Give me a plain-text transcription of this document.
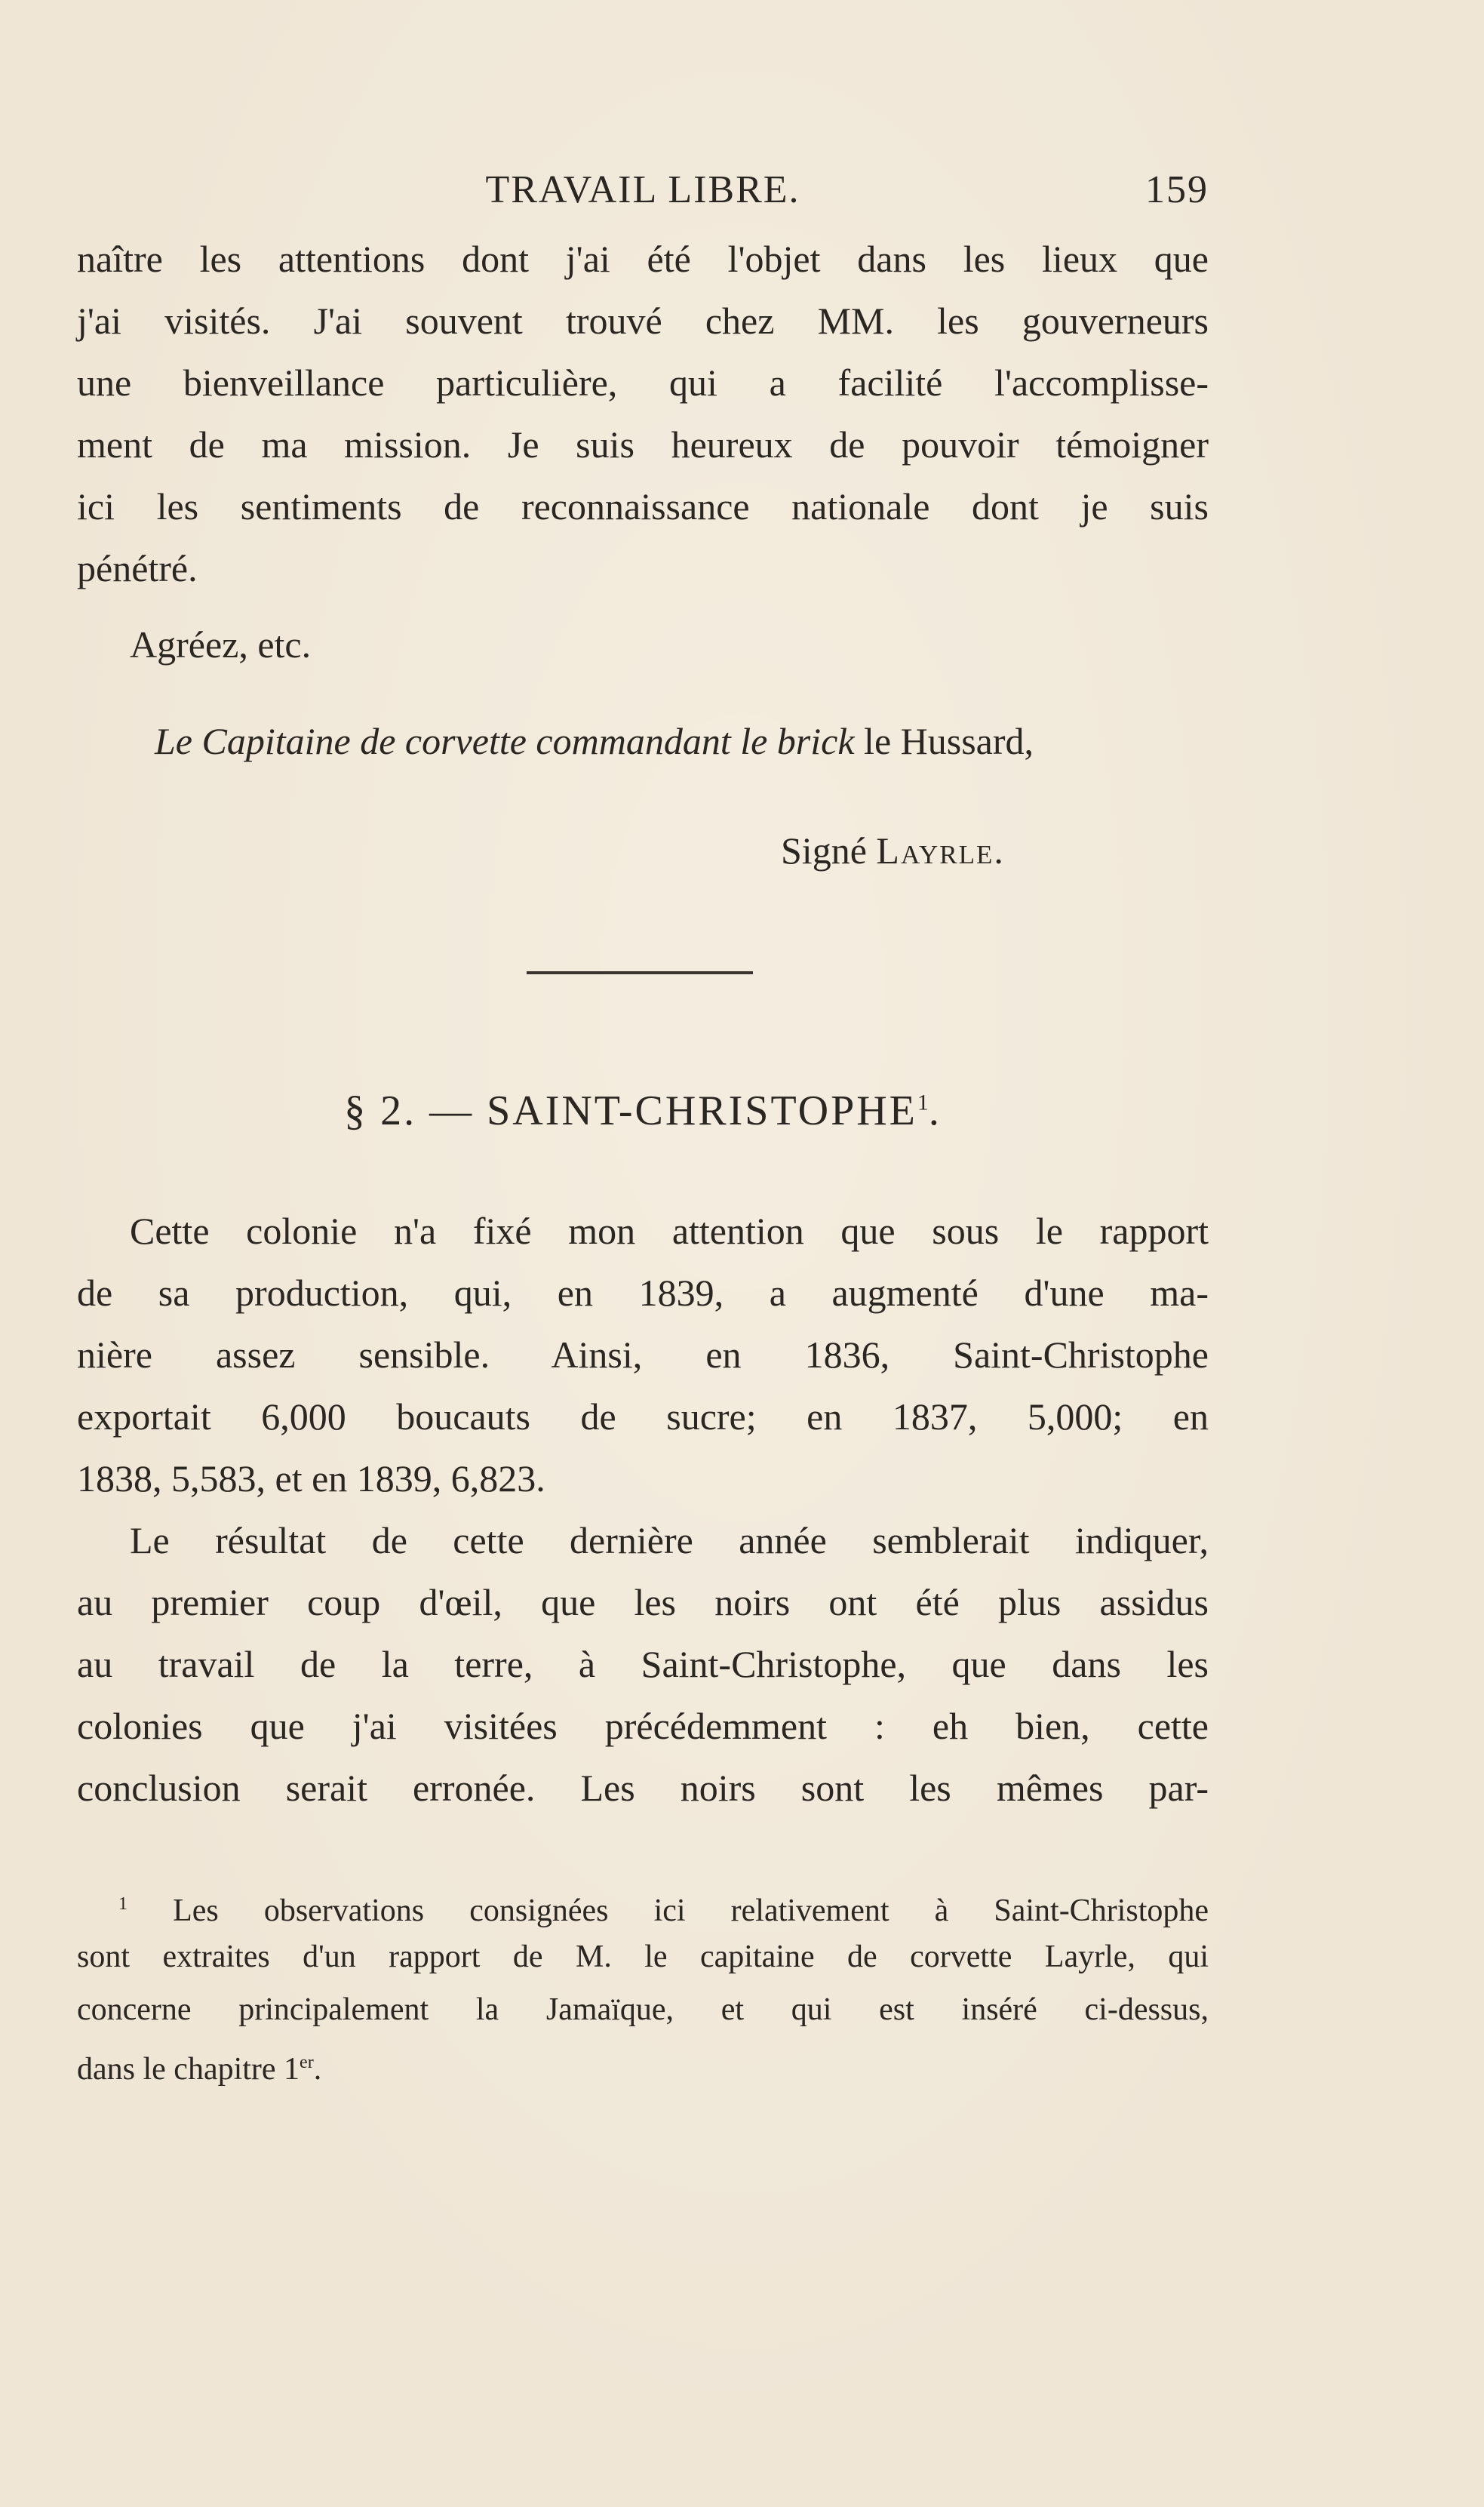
TRAVAIL LIBRE.	159
naître les attentions dont j'ai été l'objet dans les lieux que
j'ai visités. J'ai souvent trouvé chez MM. les gouverneurs
une bienveillance particulière, qui a facilité l'accomplisse-
ment de ma mission. Je suis heureux de pouvoir témoigner
ici les sentiments de reconnaissance nationale dont je suis
pénétré.
Agréez, etc.
Le Capitaine de corvette commandant le brick le Hussard,
Signé Layrle.
§ 2. — SAINT-CHRISTOPHE$^1$.
Cette colonie n'a fixé mon attention que sous le rapport
de sa production, qui, en 1839, a augmenté d'une ma-
nière assez sensible. Ainsi, en 1836, Saint-Christophe
exportait 6,000 boucauts de sucre; en 1837, 5,000; en
1838, 5,583, et en 1839, 6,823.
Le résultat de cette dernière année semblerait indiquer,
au premier coup d'œil, que les noirs ont été plus assidus
au travail de la terre, à Saint-Christophe, que dans les
colonies que j'ai visitées précédemment : eh bien, cette
conclusion serait erronée. Les noirs sont les mêmes par-
$^1$ Les observations consignées ici relativement à Saint-Christophe
sont extraites d'un rapport de M. le capitaine de corvette Layrle, qui
concerne principalement la Jamaïque, et qui est inséré ci-dessus,
dans le chapitre 1er.
